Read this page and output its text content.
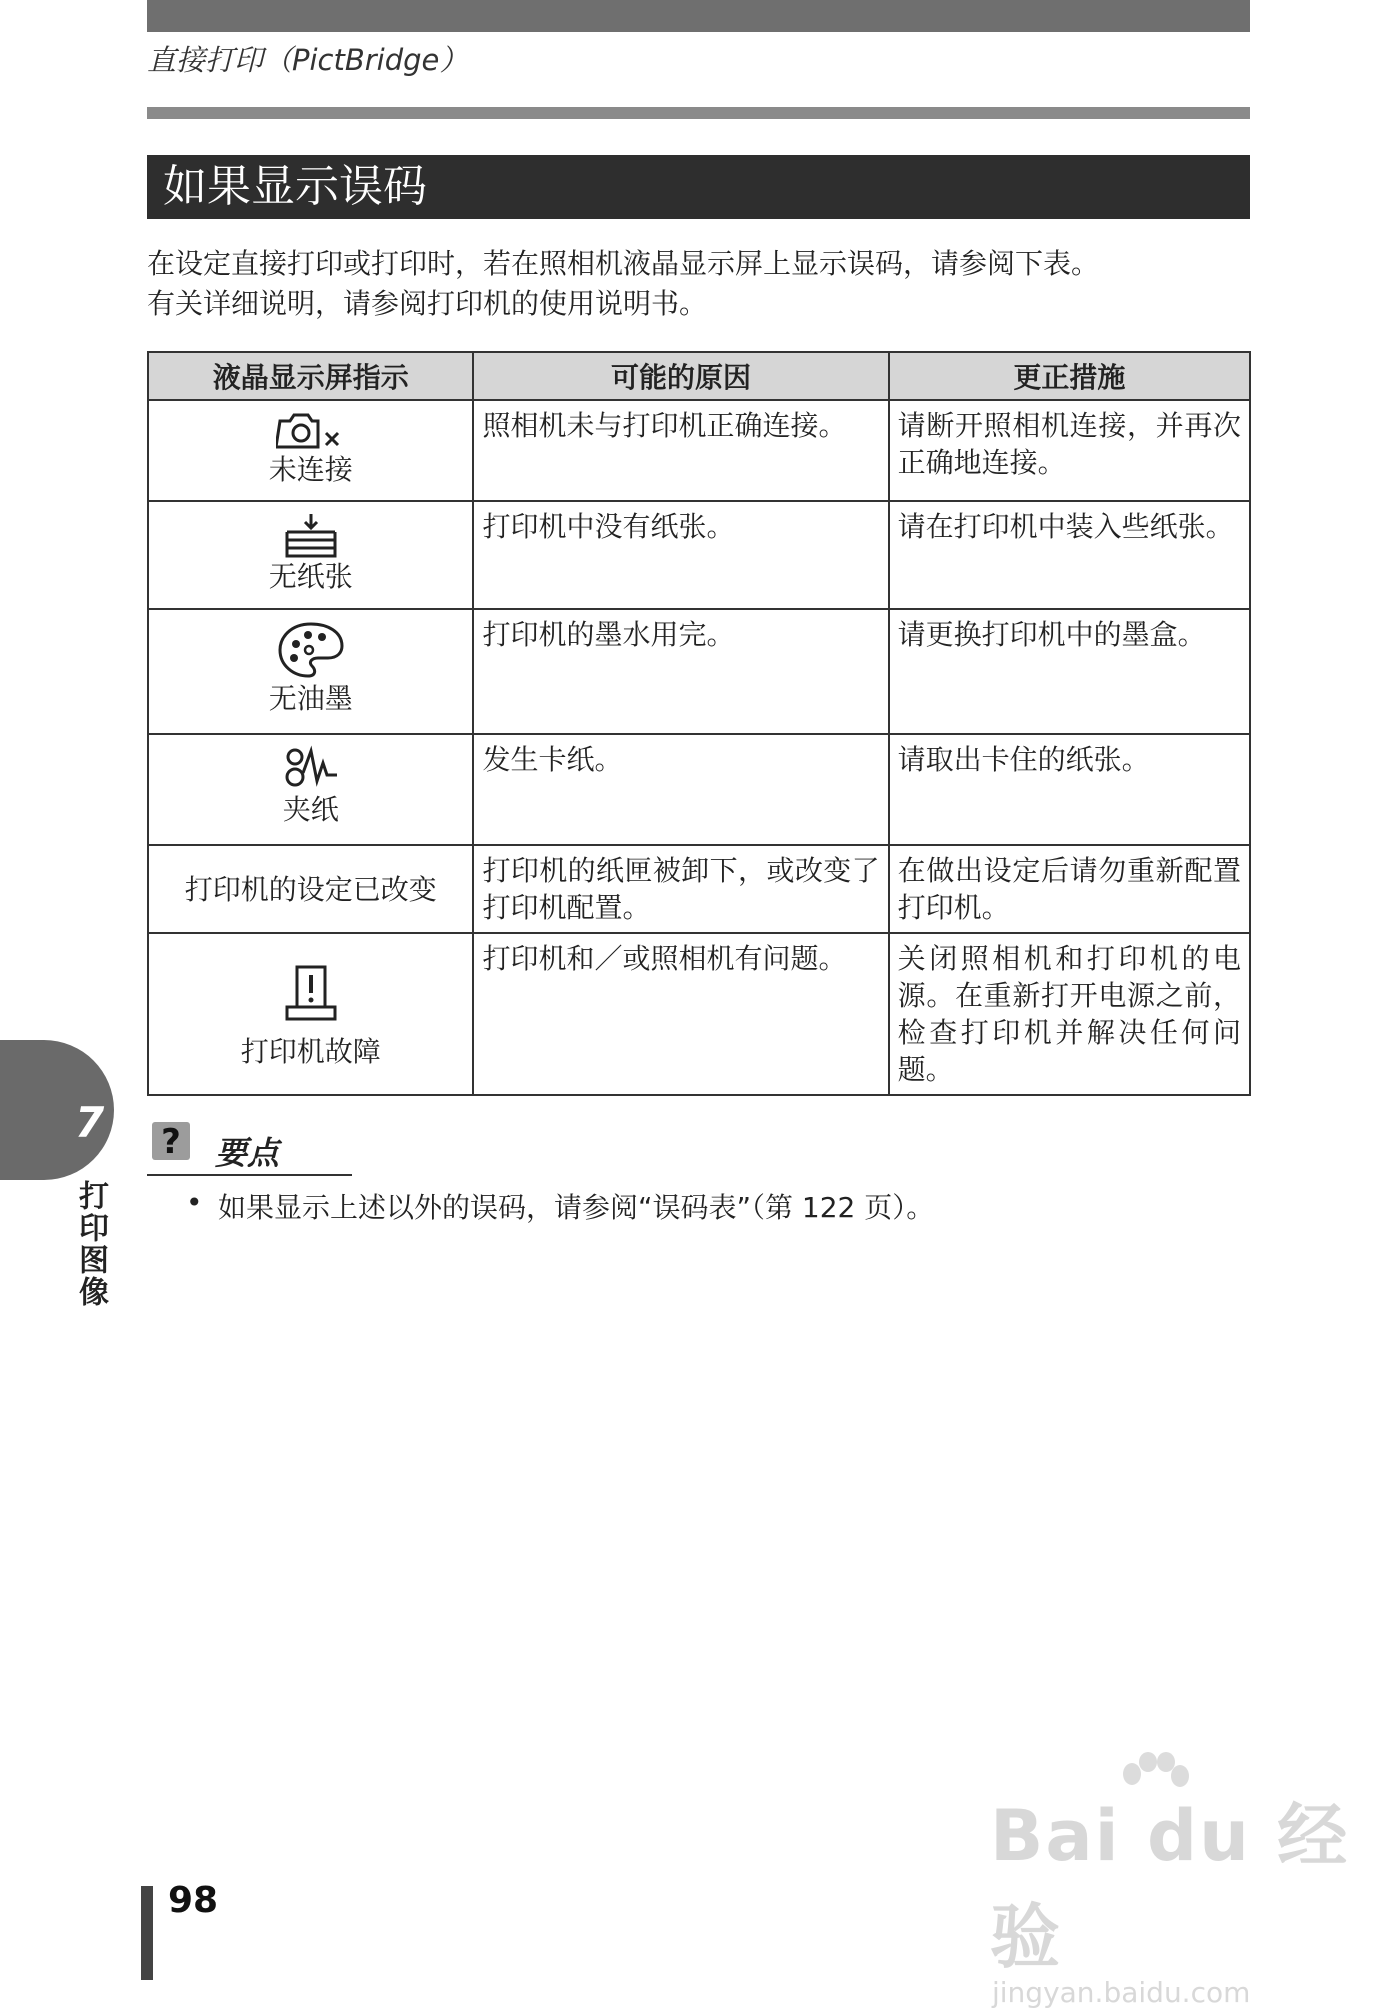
直接打印（PictBridge）
如果显示误码

在设定直接打印或打印时，若在照相机液晶显示屏上显示误码，请参阅下表。

有关详细说明，请参阅打印机的使用说明书。

液晶显示屏指示	可能的原因	更正措施

未连接	照相机未与打印机正确连接。	请断开照相机连接，并再次正确地连接。

无纸张	打印机中没有纸张。	请在打印机中装入些纸张。

无油墨	打印机的墨水用完。	请更换打印机中的墨盒。

夹纸	发生卡纸。	请取出卡住的纸张。

打印机的设定已改变	打印机的纸匣被卸下，或改变了打印机配置。	在做出设定后请勿重新配置打印机。

打印机故障	打印机和／或照相机有问题。	关闭照相机和打印机的电源。在重新打开电源之前，检查打印机并解决任何问题。
? 要点
• 如果显示上述以外的误码，请参阅“误码表”（第 122 页）。
7
打印图像
98
Bai du 经验
jingyan.baidu.com
